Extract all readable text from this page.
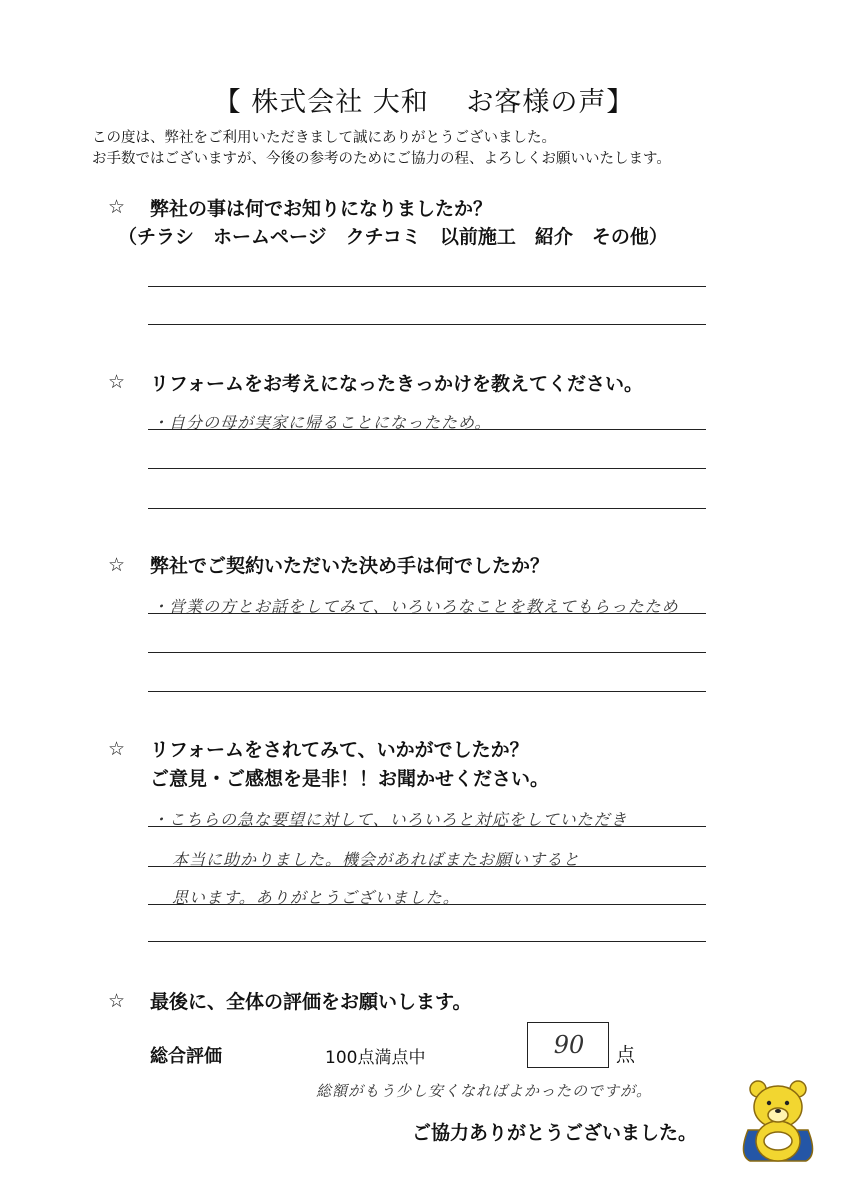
【 株式会社 大和　 お客様の声】
この度は、弊社をご利用いただきまして誠にありがとうございました。
お手数ではございますが、今後の参考のためにご協力の程、よろしくお願いいたします。
☆ 弊社の事は何でお知りになりましたか？
（チラシ　ホームページ　クチコミ　以前施工　紹介　その他）
☆ リフォームをお考えになったきっかけを教えてください。
・自分の母が実家に帰ることになったため。
☆ 弊社でご契約いただいた決め手は何でしたか？
・営業の方とお話をしてみて、いろいろなことを教えてもらったため
☆ リフォームをされてみて、いかがでしたか？
ご意見・ご感想を是非！！お聞かせください。
・こちらの急な要望に対して、いろいろと対応をしていただき
本当に助かりました。機会があればまたお願いすると
思います。ありがとうございました。
☆ 最後に、全体の評価をお願いします。
総合評価	100点満点中	90	点
総額がもう少し安くなればよかったのですが。
ご協力ありがとうございました。
